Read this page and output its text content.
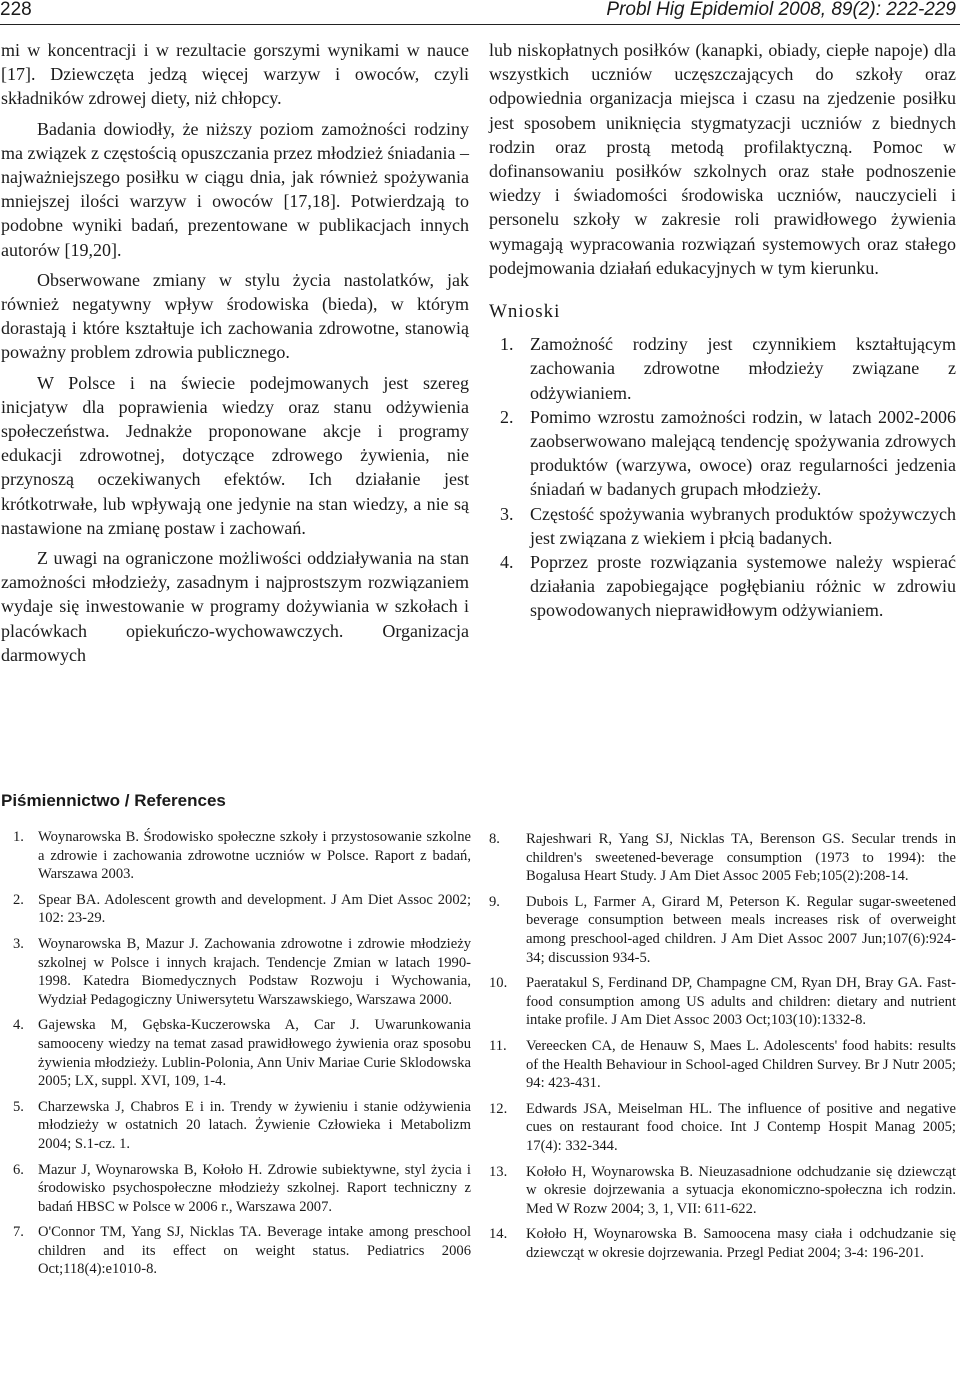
228	Probl Hig Epidemiol 2008, 89(2): 222-229

mi w koncentracji i w rezultacie gorszymi wynikami w nauce [17]. Dziewczęta jedzą więcej warzyw i owoców, czyli składników zdrowej diety, niż chłopcy.

Badania dowiodły, że niższy poziom zamożności rodziny ma związek z częstością opuszczania przez młodzież śniadania – najważniejszego posiłku w ciągu dnia, jak również spożywania mniejszej ilości warzyw i owoców [17,18]. Potwierdzają to podobne wyniki badań, prezentowane w publikacjach innych autorów [19,20].

Obserwowane zmiany w stylu życia nastolatków, jak również negatywny wpływ środowiska (bieda), w którym dorastają i które kształtuje ich zachowania zdrowotne, stanowią poważny problem zdrowia publicznego.

W Polsce i na świecie podejmowanych jest szereg inicjatyw dla poprawienia wiedzy oraz stanu odżywienia społeczeństwa. Jednakże proponowane akcje i programy edukacji zdrowotnej, dotyczące zdrowego żywienia, nie przynoszą oczekiwanych efektów. Ich działanie jest krótkotrwałe, lub wpływają one jedynie na stan wiedzy, a nie są nastawione na zmianę postaw i zachowań.

Z uwagi na ograniczone możliwości oddziaływania na stan zamożności młodzieży, zasadnym i najprostszym rozwiązaniem wydaje się inwestowanie w programy dożywiania w szkołach i placówkach opiekuńczo-wychowawczych. Organizacja darmowych

lub niskopłatnych posiłków (kanapki, obiady, ciepłe napoje) dla wszystkich uczniów uczęszczających do szkoły oraz odpowiednia organizacja miejsca i czasu na zjedzenie posiłku jest sposobem uniknięcia stygmatyzacji uczniów z biednych rodzin oraz prostą metodą profilaktyczną. Pomoc w dofinansowaniu posiłków szkolnych oraz stałe podnoszenie wiedzy i świadomości środowiska uczniów, nauczycieli i personelu szkoły w zakresie roli prawidłowego żywienia wymagają wypracowania rozwiązań systemowych oraz stałego podejmowania działań edukacyjnych w tym kierunku.

Wnioski
1. Zamożność rodziny jest czynnikiem kształtującym zachowania zdrowotne młodzieży związane z odżywianiem.
2. Pomimo wzrostu zamożności rodzin, w latach 2002-2006 zaobserwowano malejącą tendencję spożywania zdrowych produktów (warzywa, owoce) oraz regularności jedzenia śniadań w badanych grupach młodzieży.
3. Częstość spożywania wybranych produktów spożywczych jest związana z wiekiem i płcią badanych.
4. Poprzez proste rozwiązania systemowe należy wspierać działania zapobiegające pogłębianiu różnic w zdrowiu spowodowanych nieprawidłowym odżywianiem.
Piśmiennictwo / References
1. Woynarowska B. Środowisko społeczne szkoły i przystosowanie szkolne a zdrowie i zachowania zdrowotne uczniów w Polsce. Raport z badań, Warszawa 2003.
2. Spear BA. Adolescent growth and development. J Am Diet Assoc 2002; 102: 23-29.
3. Woynarowska B, Mazur J. Zachowania zdrowotne i zdrowie młodzieży szkolnej w Polsce i innych krajach. Tendencje Zmian w latach 1990-1998. Katedra Biomedycznych Podstaw Rozwoju i Wychowania, Wydział Pedagogiczny Uniwersytetu Warszawskiego, Warszawa 2000.
4. Gajewska M, Gębska-Kuczerowska A, Car J. Uwarunkowania samooceny wiedzy na temat zasad prawidłowego żywienia oraz sposobu żywienia młodzieży. Lublin-Polonia, Ann Univ Mariae Curie Sklodowska 2005; LX, suppl. XVI, 109, 1-4.
5. Charzewska J, Chabros E i in. Trendy w żywieniu i stanie odżywienia młodzieży w ostatnich 20 latach. Żywienie Człowieka i Metabolizm 2004; S.1-cz. 1.
6. Mazur J, Woynarowska B, Kołoło H. Zdrowie subiektywne, styl życia i środowisko psychospołeczne młodzieży szkolnej. Raport techniczny z badań HBSC w Polsce w 2006 r., Warszawa 2007.
7. O'Connor TM, Yang SJ, Nicklas TA. Beverage intake among preschool children and its effect on weight status. Pediatrics 2006 Oct;118(4):e1010-8.
8. Rajeshwari R, Yang SJ, Nicklas TA, Berenson GS. Secular trends in children's sweetened-beverage consumption (1973 to 1994): the Bogalusa Heart Study. J Am Diet Assoc 2005 Feb;105(2):208-14.
9. Dubois L, Farmer A, Girard M, Peterson K. Regular sugar-sweetened beverage consumption between meals increases risk of overweight among preschool-aged children. J Am Diet Assoc 2007 Jun;107(6):924-34; discussion 934-5.
10. Paeratakul S, Ferdinand DP, Champagne CM, Ryan DH, Bray GA. Fast-food consumption among US adults and children: dietary and nutrient intake profile. J Am Diet Assoc 2003 Oct;103(10):1332-8.
11. Vereecken CA, de Henauw S, Maes L. Adolescents' food habits: results of the Health Behaviour in School-aged Children Survey. Br J Nutr 2005; 94: 423-431.
12. Edwards JSA, Meiselman HL. The influence of positive and negative cues on restaurant food choice. Int J Contemp Hospit Manag 2005; 17(4): 332-344.
13. Kołoło H, Woynarowska B. Nieuzasadnione odchudzanie się dziewcząt w okresie dojrzewania a sytuacja ekonomiczno-społeczna ich rodzin. Med W Rozw 2004; 3, 1, VII: 611-622.
14. Kołoło H, Woynarowska B. Samoocena masy ciała i odchudzanie się dziewcząt w okresie dojrzewania. Przegl Pediat 2004; 3-4: 196-201.
